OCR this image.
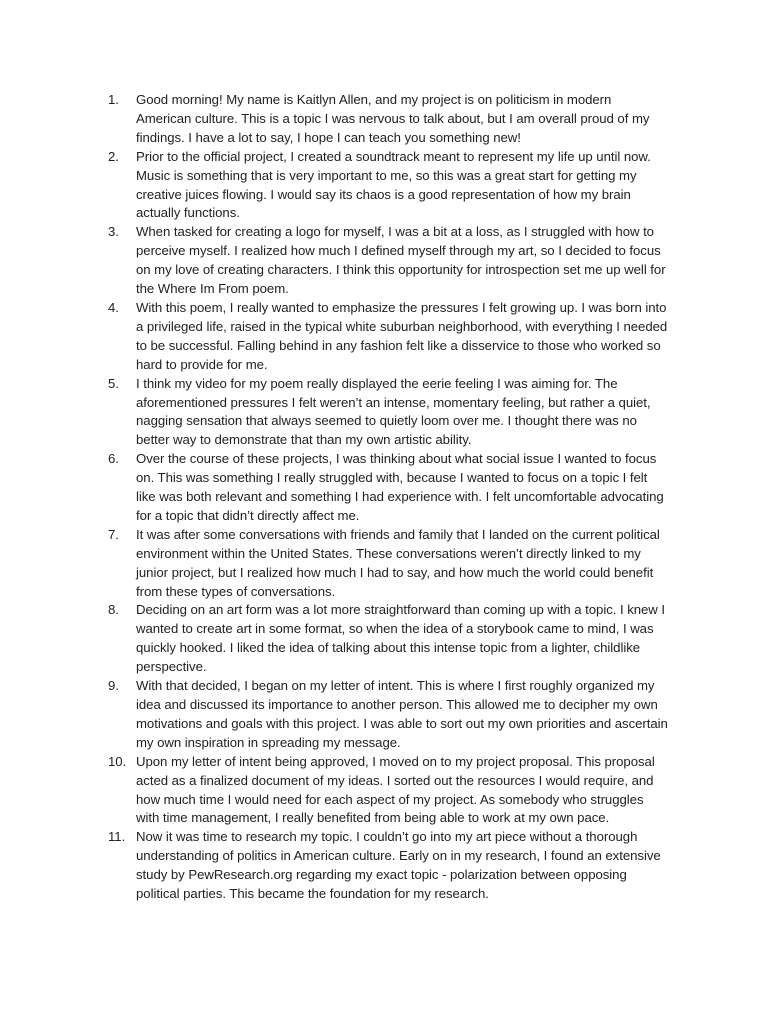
1.	Good morning! My name is Kaitlyn Allen, and my project is on politicism in modern American culture. This is a topic I was nervous to talk about, but I am overall proud of my findings. I have a lot to say, I hope I can teach you something new!
2.	Prior to the official project, I created a soundtrack meant to represent my life up until now. Music is something that is very important to me, so this was a great start for getting my creative juices flowing. I would say its chaos is a good representation of how my brain actually functions.
3.	When tasked for creating a logo for myself, I was a bit at a loss, as I struggled with how to perceive myself. I realized how much I defined myself through my art, so I decided to focus on my love of creating characters. I think this opportunity for introspection set me up well for the Where Im From poem.
4.	With this poem, I really wanted to emphasize the pressures I felt growing up. I was born into a privileged life, raised in the typical white suburban neighborhood, with everything I needed to be successful. Falling behind in any fashion felt like a disservice to those who worked so hard to provide for me.
5.	I think my video for my poem really displayed the eerie feeling I was aiming for. The aforementioned pressures I felt weren’t an intense, momentary feeling, but rather a quiet, nagging sensation that always seemed to quietly loom over me. I thought there was no better way to demonstrate that than my own artistic ability.
6.	Over the course of these projects, I was thinking about what social issue I wanted to focus on. This was something I really struggled with, because I wanted to focus on a topic I felt like was both relevant and something I had experience with. I felt uncomfortable advocating for a topic that didn’t directly affect me.
7.	It was after some conversations with friends and family that I landed on the current political environment within the United States. These conversations weren’t directly linked to my junior project, but I realized how much I had to say, and how much the world could benefit from these types of conversations.
8.	Deciding on an art form was a lot more straightforward than coming up with a topic. I knew I wanted to create art in some format, so when the idea of a storybook came to mind, I was quickly hooked. I liked the idea of talking about this intense topic from a lighter, childlike perspective.
9.	With that decided, I began on my letter of intent. This is where I first roughly organized my idea and discussed its importance to another person. This allowed me to decipher my own motivations and goals with this project. I was able to sort out my own priorities and ascertain my own inspiration in spreading my message.
10. Upon my letter of intent being approved, I moved on to my project proposal. This proposal acted as a finalized document of my ideas. I sorted out the resources I would require, and how much time I would need for each aspect of my project. As somebody who struggles with time management, I really benefited from being able to work at my own pace.
11. Now it was time to research my topic. I couldn’t go into my art piece without a thorough understanding of politics in American culture. Early on in my research, I found an extensive study by PewResearch.org regarding my exact topic - polarization between opposing political parties. This became the foundation for my research.
